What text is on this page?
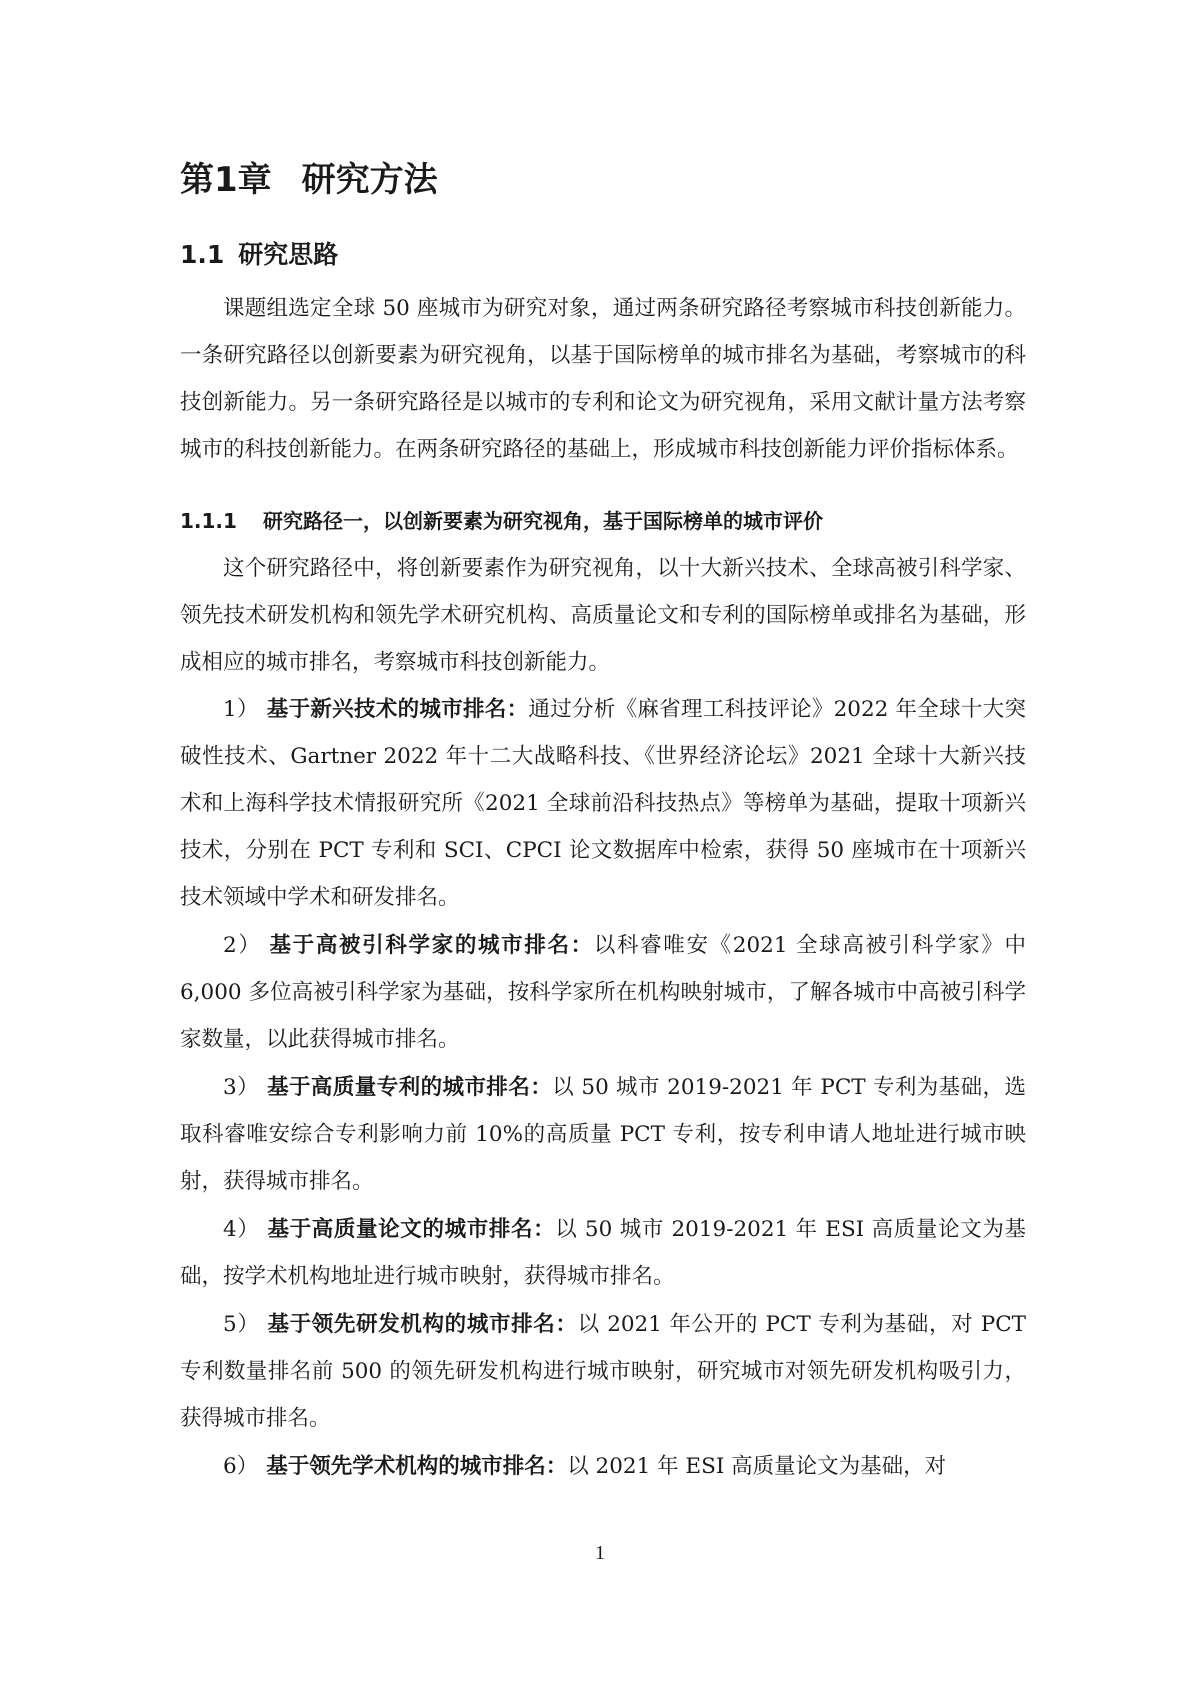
第1章 研究方法
1.1 研究思路

课题组选定全球 50 座城市为研究对象，通过两条研究路径考察城市科技创新能力。一条研究路径以创新要素为研究视角，以基于国际榜单的城市排名为基础，考察城市的科技创新能力。另一条研究路径是以城市的专利和论文为研究视角，采用文献计量方法考察城市的科技创新能力。在两条研究路径的基础上，形成城市科技创新能力评价指标体系。

1.1.1 研究路径一，以创新要素为研究视角，基于国际榜单的城市评价

这个研究路径中，将创新要素作为研究视角，以十大新兴技术、全球高被引科学家、领先技术研发机构和领先学术研究机构、高质量论文和专利的国际榜单或排名为基础，形成相应的城市排名，考察城市科技创新能力。

1） 基于新兴技术的城市排名：通过分析《麻省理工科技评论》2022 年全球十大突破性技术、Gartner 2022 年十二大战略科技、《世界经济论坛》2021 全球十大新兴技术和上海科学技术情报研究所《2021 全球前沿科技热点》等榜单为基础，提取十项新兴技术，分别在 PCT 专利和 SCI、CPCI 论文数据库中检索，获得 50 座城市在十项新兴技术领域中学术和研发排名。

2） 基于高被引科学家的城市排名：以科睿唯安《2021 全球高被引科学家》中 6,000 多位高被引科学家为基础，按科学家所在机构映射城市，了解各城市中高被引科学家数量，以此获得城市排名。

3） 基于高质量专利的城市排名：以 50 城市 2019-2021 年 PCT 专利为基础，选取科睿唯安综合专利影响力前 10%的高质量 PCT 专利，按专利申请人地址进行城市映射，获得城市排名。

4） 基于高质量论文的城市排名：以 50 城市 2019-2021 年 ESI 高质量论文为基础，按学术机构地址进行城市映射，获得城市排名。

5） 基于领先研发机构的城市排名：以 2021 年公开的 PCT 专利为基础，对 PCT 专利数量排名前 500 的领先研发机构进行城市映射，研究城市对领先研发机构吸引力，获得城市排名。

6） 基于领先学术机构的城市排名：以 2021 年 ESI 高质量论文为基础，对

1
